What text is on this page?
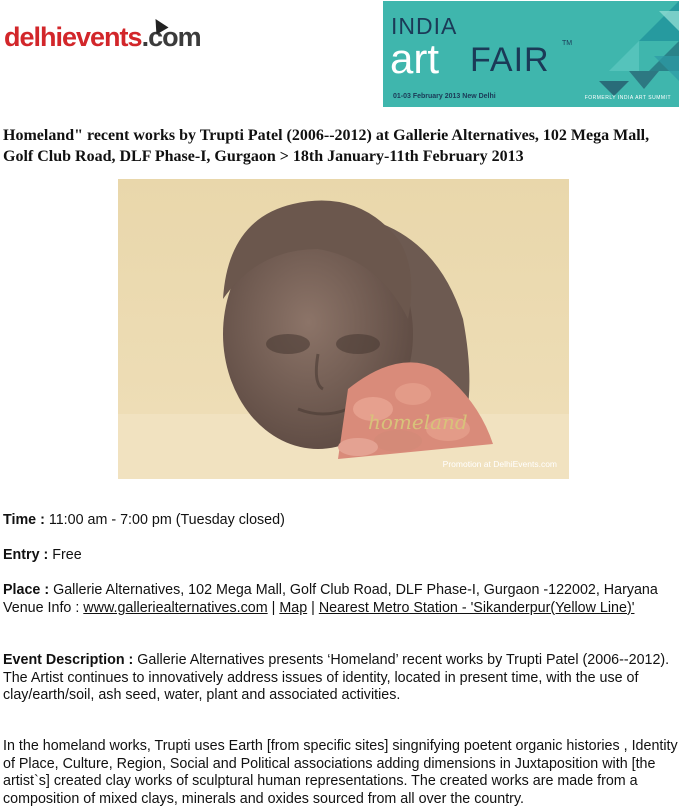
delhievents.com	INDIA
art FAIR TM
01-03 February 2013 New Delhi	FORMERLY INDIA ART SUMMIT
Homeland" recent works by Trupti Patel (2006--2012) at Gallerie Alternatives, 102 Mega Mall, Golf Club Road, DLF Phase-I, Gurgaon > 18th January-11th February 2013
homeland
Promotion at DelhiEvents.com

Time : 11:00 am - 7:00 pm (Tuesday closed)

Entry : Free

Place : Gallerie Alternatives, 102 Mega Mall, Golf Club Road, DLF Phase-I, Gurgaon -122002, Haryana
Venue Info : www.galleriealternatives.com | Map | Nearest Metro Station - 'Sikanderpur(Yellow Line)'

Event Description : Gallerie Alternatives presents ‘Homeland’ recent works by Trupti Patel (2006--2012).
The Artist continues to innovatively address issues of identity, located in present time, with the use of clay/earth/soil, ash seed, water, plant and associated activities.

In the homeland works, Trupti uses Earth [from specific sites] singnifying poetent organic histories , Identity of Place, Culture, Region, Social and Political associations adding dimensions in Juxtaposition with [the artist`s] created clay works of sculptural human representations. The created works are made from a composition of mixed clays, minerals and oxides sourced from all over the country.
